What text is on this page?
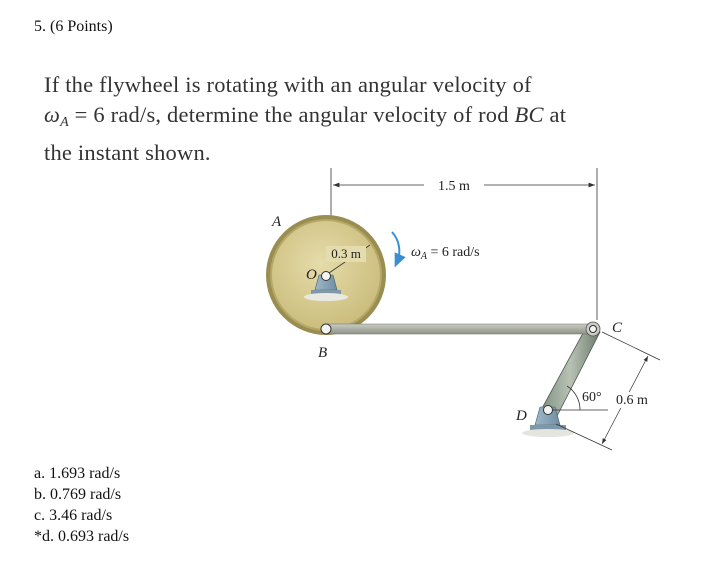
5. (6 Points)
If the flywheel is rotating with an angular velocity of
$\omega_A = 6$ rad/s, determine the angular velocity of rod BC at
the instant shown.
1.5 m
A
0.3 m
O
$\omega_A = 6$ rad/s
B
C
D
60° 0.6 m
a. 1.693 rad/s
b. 0.769 rad/s
c. 3.46 rad/s
*d. 0.693 rad/s
